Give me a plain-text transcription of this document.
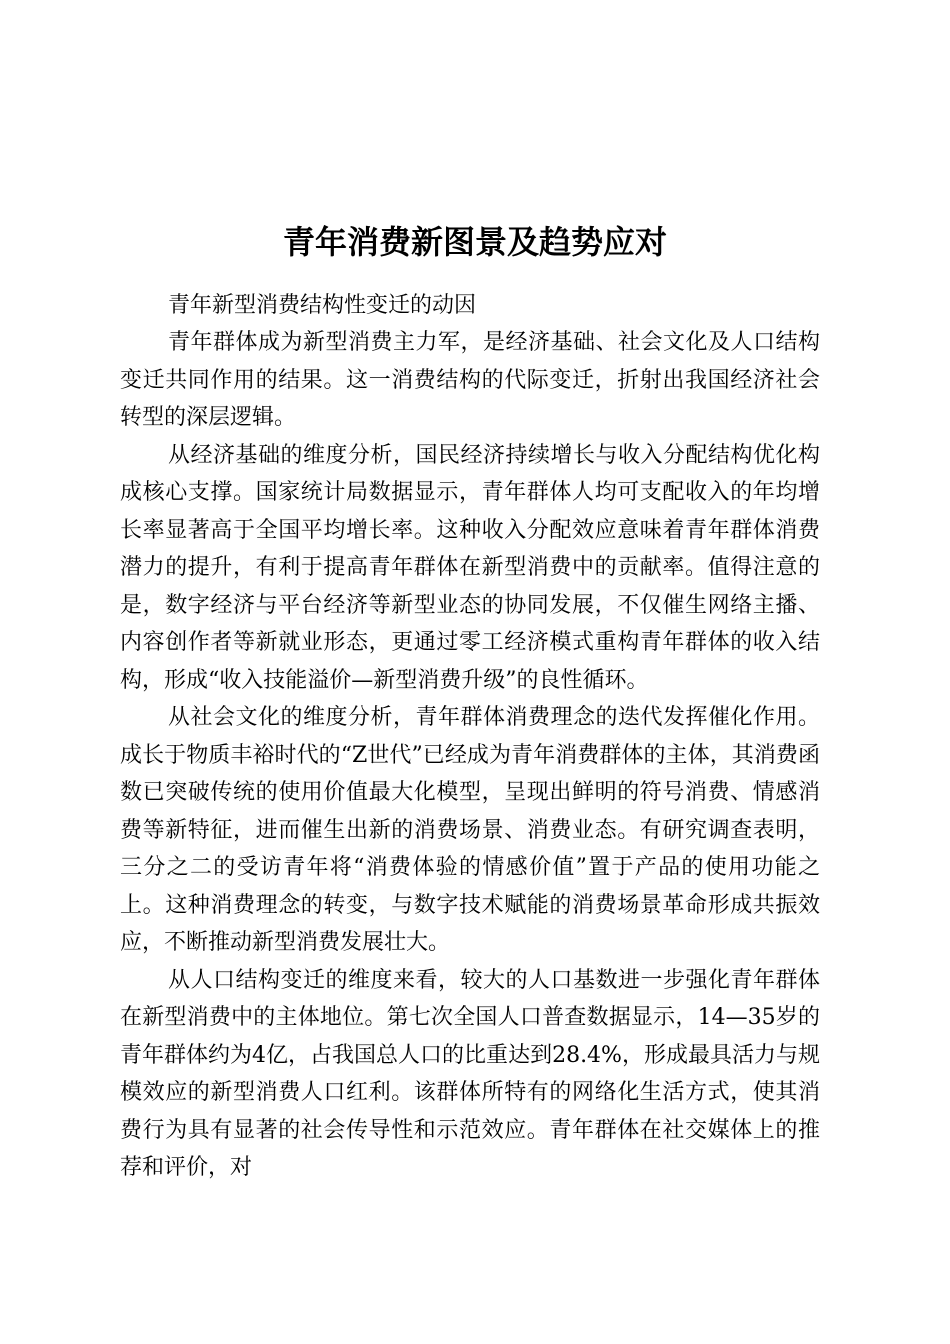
青年消费新图景及趋势应对
青年新型消费结构性变迁的动因

青年群体成为新型消费主力军，是经济基础、社会文化及人口结构变迁共同作用的结果。这一消费结构的代际变迁，折射出我国经济社会转型的深层逻辑。

从经济基础的维度分析，国民经济持续增长与收入分配结构优化构成核心支撑。国家统计局数据显示，青年群体人均可支配收入的年均增长率显著高于全国平均增长率。这种收入分配效应意味着青年群体消费潜力的提升，有利于提高青年群体在新型消费中的贡献率。值得注意的是，数字经济与平台经济等新型业态的协同发展，不仅催生网络主播、内容创作者等新就业形态，更通过零工经济模式重构青年群体的收入结构，形成“收入技能溢价—新型消费升级”的良性循环。

从社会文化的维度分析，青年群体消费理念的迭代发挥催化作用。成长于物质丰裕时代的“Z世代”已经成为青年消费群体的主体，其消费函数已突破传统的使用价值最大化模型，呈现出鲜明的符号消费、情感消费等新特征，进而催生出新的消费场景、消费业态。有研究调查表明，三分之二的受访青年将“消费体验的情感价值”置于产品的使用功能之上。这种消费理念的转变，与数字技术赋能的消费场景革命形成共振效应，不断推动新型消费发展壮大。

从人口结构变迁的维度来看，较大的人口基数进一步强化青年群体在新型消费中的主体地位。第七次全国人口普查数据显示，14—35岁的青年群体约为4亿，占我国总人口的比重达到28.4%，形成最具活力与规模效应的新型消费人口红利。该群体所特有的网络化生活方式，使其消费行为具有显著的社会传导性和示范效应。青年群体在社交媒体上的推荐和评价，对
